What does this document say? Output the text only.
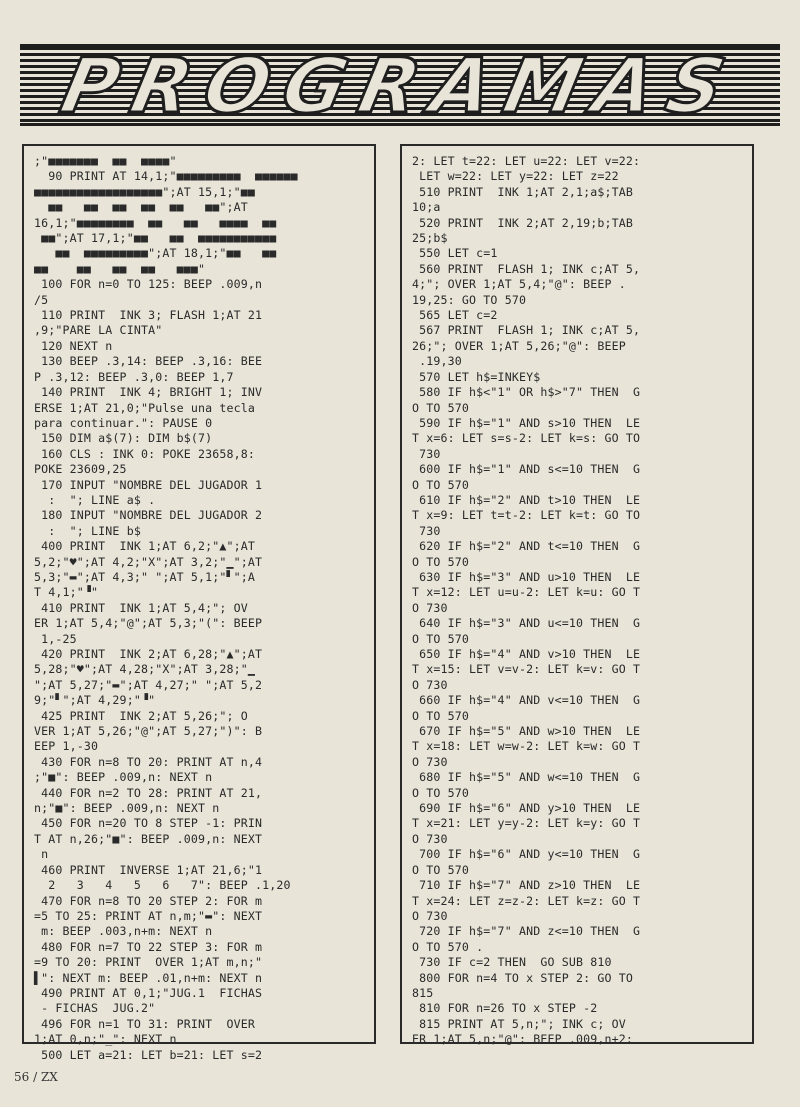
PROGRAMAS
;"■■■■■■■  ■■  ■■■■"
90 PRINT AT 14,1;"■■■■■■■■■  ■■■■■■
■■■■■■■■■■■■■■■■■■";AT 15,1;"■■
■■   ■■  ■■  ■■  ■■   ■■";AT
16,1;"■■■■■■■■  ■■   ■■   ■■■■  ■■
■■";AT 17,1;"■■   ■■  ■■■■■■■■■■■
■■  ■■■■■■■■■";AT 18,1;"■■   ■■
■■    ■■   ■■  ■■   ■■■"
100 FOR n=0 TO 125: BEEP .009,n
/5
110 PRINT  INK 3; FLASH 1;AT 21
,9;"PARE LA CINTA"
120 NEXT n
130 BEEP .3,14: BEEP .3,16: BEE
P .3,12: BEEP .3,0: BEEP 1,7
140 PRINT  INK 4; BRIGHT 1; INV
ERSE 1;AT 21,0;"Pulse una tecla
para continuar.": PAUSE 0
150 DIM a$(7): DIM b$(7)
160 CLS : INK 0: POKE 23658,8:
POKE 23609,25
170 INPUT "NOMBRE DEL JUGADOR 1
:  "; LINE a$ .
180 INPUT "NOMBRE DEL JUGADOR 2
:  "; LINE b$
400 PRINT  INK 1;AT 6,2;"▲";AT
5,2;"♥";AT 4,2;"X";AT 3,2;"▁";AT
5,3;"▬";AT 4,3;" ";AT 5,1;"▘";A
T 4,1;"▝"
410 PRINT  INK 1;AT 5,4;"; OV
ER 1;AT 5,4;"@";AT 5,3;"(": BEEP
1,-25
420 PRINT  INK 2;AT 6,28;"▲";AT
5,28;"♥";AT 4,28;"X";AT 3,28;"▁
";AT 5,27;"▬";AT 4,27;" ";AT 5,2
9;"▘";AT 4,29;"▝"
425 PRINT  INK 2;AT 5,26;"; O
VER 1;AT 5,26;"@";AT 5,27;")": B
EEP 1,-30
430 FOR n=8 TO 20: PRINT AT n,4
;"■": BEEP .009,n: NEXT n
440 FOR n=2 TO 28: PRINT AT 21,
n;"■": BEEP .009,n: NEXT n
450 FOR n=20 TO 8 STEP -1: PRIN
T AT n,26;"■": BEEP .009,n: NEXT
n
460 PRINT  INVERSE 1;AT 21,6;"1
2   3   4   5   6   7": BEEP .1,20
470 FOR n=8 TO 20 STEP 2: FOR m
=5 TO 25: PRINT AT n,m;"▬": NEXT
m: BEEP .003,n+m: NEXT n
480 FOR n=7 TO 22 STEP 3: FOR m
=9 TO 20: PRINT  OVER 1;AT m,n;"
▌": NEXT m: BEEP .01,n+m: NEXT n
490 PRINT AT 0,1;"JUG.1  FICHAS
- FICHAS  JUG.2"
496 FOR n=1 TO 31: PRINT  OVER
1;AT 0,n;"_": NEXT n
500 LET a=21: LET b=21: LET s=2
2: LET t=22: LET u=22: LET v=22:
LET w=22: LET y=22: LET z=22
510 PRINT  INK 1;AT 2,1;a$;TAB
10;a
520 PRINT  INK 2;AT 2,19;b;TAB
25;b$
550 LET c=1
560 PRINT  FLASH 1; INK c;AT 5,
4;"; OVER 1;AT 5,4;"@": BEEP .
19,25: GO TO 570
565 LET c=2
567 PRINT  FLASH 1; INK c;AT 5,
26;"; OVER 1;AT 5,26;"@": BEEP
.19,30
570 LET h$=INKEY$
580 IF h$<"1" OR h$>"7" THEN  G
O TO 570
590 IF h$="1" AND s>10 THEN  LE
T x=6: LET s=s-2: LET k=s: GO TO
730
600 IF h$="1" AND s<=10 THEN  G
O TO 570
610 IF h$="2" AND t>10 THEN  LE
T x=9: LET t=t-2: LET k=t: GO TO
730
620 IF h$="2" AND t<=10 THEN  G
O TO 570
630 IF h$="3" AND u>10 THEN  LE
T x=12: LET u=u-2: LET k=u: GO T
O 730
640 IF h$="3" AND u<=10 THEN  G
O TO 570
650 IF h$="4" AND v>10 THEN  LE
T x=15: LET v=v-2: LET k=v: GO T
O 730
660 IF h$="4" AND v<=10 THEN  G
O TO 570
670 IF h$="5" AND w>10 THEN  LE
T x=18: LET w=w-2: LET k=w: GO T
O 730
680 IF h$="5" AND w<=10 THEN  G
O TO 570
690 IF h$="6" AND y>10 THEN  LE
T x=21: LET y=y-2: LET k=y: GO T
O 730
700 IF h$="6" AND y<=10 THEN  G
O TO 570
710 IF h$="7" AND z>10 THEN  LE
T x=24: LET z=z-2: LET k=z: GO T
O 730
720 IF h$="7" AND z<=10 THEN  G
O TO 570 .
730 IF c=2 THEN  GO SUB 810
800 FOR n=4 TO x STEP 2: GO TO
815
810 FOR n=26 TO x STEP -2
815 PRINT AT 5,n;"; INK c; OV
ER 1;AT 5,n;"@": BEEP .009,n+2:
56 / ZX
